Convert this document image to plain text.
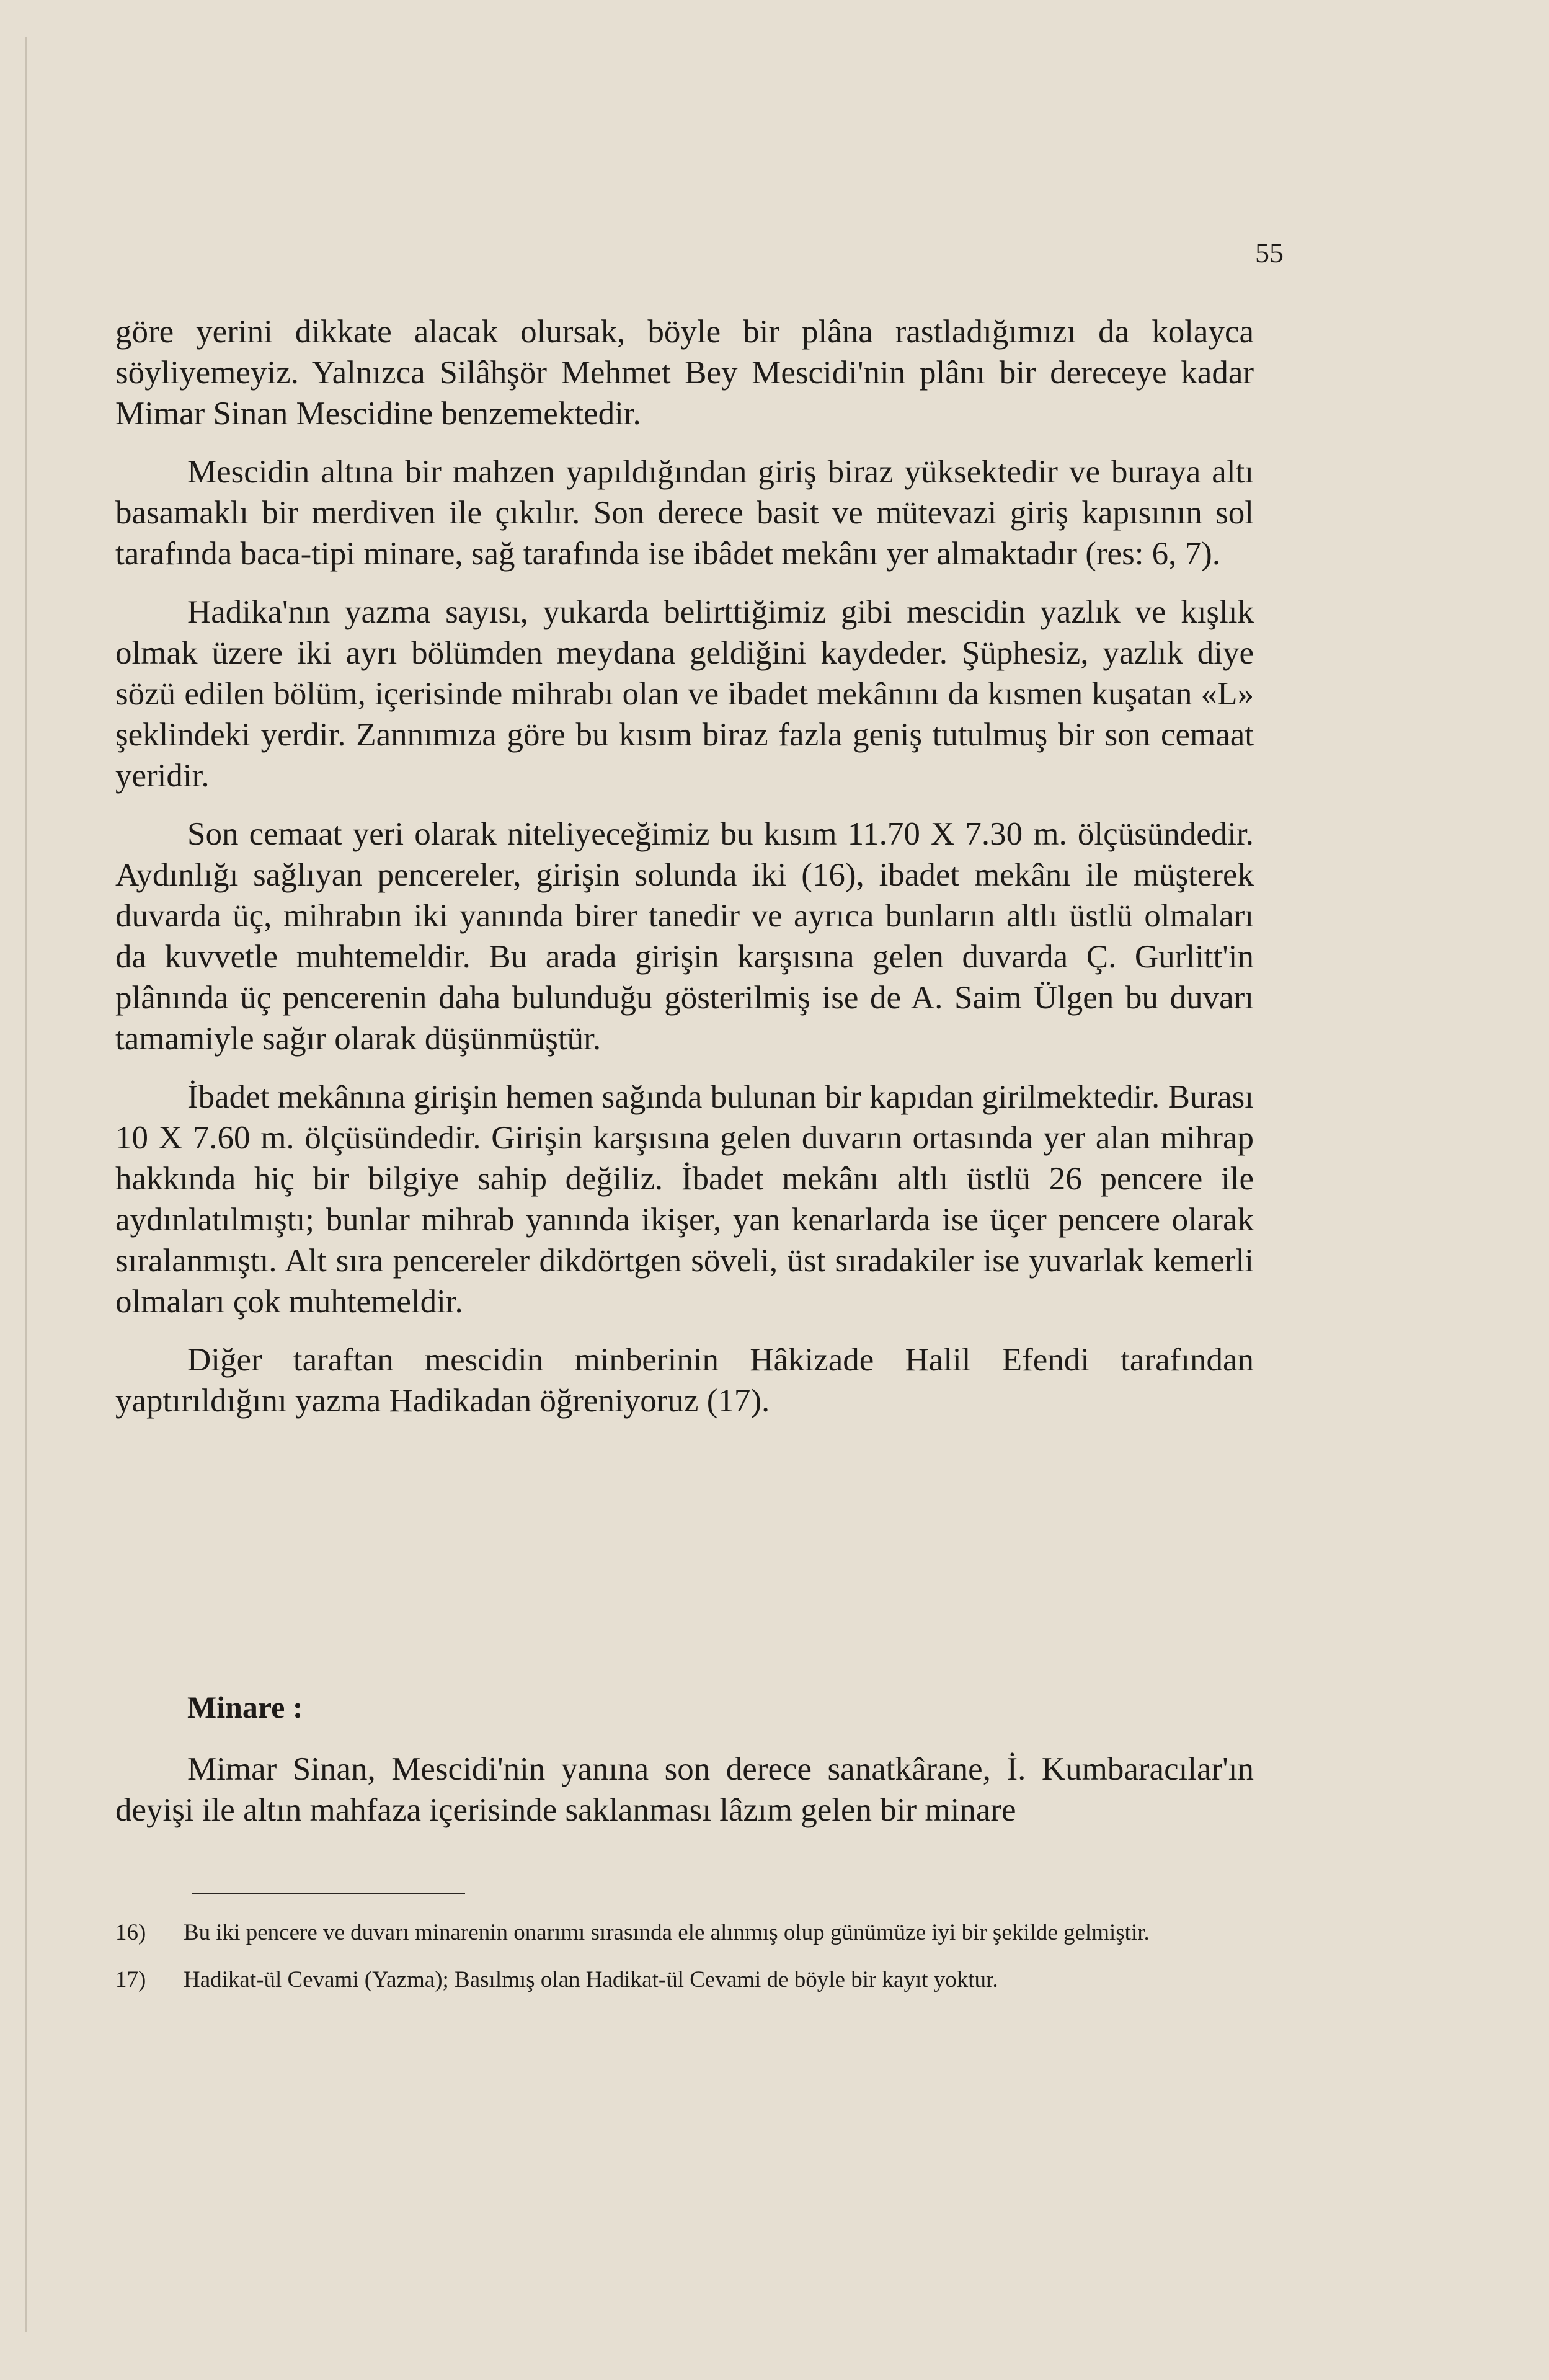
55

göre yerini dikkate alacak olursak, böyle bir plâna rastladığımızı da kolayca söyliyemeyiz. Yalnızca Silâhşör Mehmet Bey Mescidi'nin plânı bir dereceye kadar Mimar Sinan Mescidine benzemektedir.

Mescidin altına bir mahzen yapıldığından giriş biraz yüksektedir ve buraya altı basamaklı bir merdiven ile çıkılır. Son derece basit ve mütevazi giriş kapısının sol tarafında baca-tipi minare, sağ tarafında ise ibâdet mekânı yer almaktadır (res: 6, 7).

Hadika'nın yazma sayısı, yukarda belirttiğimiz gibi mescidin yazlık ve kışlık olmak üzere iki ayrı bölümden meydana geldiğini kaydeder. Şüphesiz, yazlık diye sözü edilen bölüm, içerisinde mihrabı olan ve ibadet mekânını da kısmen kuşatan «L» şeklindeki yerdir. Zannımıza göre bu kısım biraz fazla geniş tutulmuş bir son cemaat yeridir.

Son cemaat yeri olarak niteliyeceğimiz bu kısım 11.70 X 7.30 m. ölçüsündedir. Aydınlığı sağlıyan pencereler, girişin solunda iki (16), ibadet mekânı ile müşterek duvarda üç, mihrabın iki yanında birer tanedir ve ayrıca bunların altlı üstlü olmaları da kuvvetle muhtemeldir. Bu arada girişin karşısına gelen duvarda Ç. Gurlitt'in plânında üç pencerenin daha bulunduğu gösterilmiş ise de A. Saim Ülgen bu duvarı tamamiyle sağır olarak düşünmüştür.

İbadet mekânına girişin hemen sağında bulunan bir kapıdan girilmektedir. Burası 10 X 7.60 m. ölçüsündedir. Girişin karşısına gelen duvarın ortasında yer alan mihrap hakkında hiç bir bilgiye sahip değiliz. İbadet mekânı altlı üstlü 26 pencere ile aydınlatılmıştı; bunlar mihrab yanında ikişer, yan kenarlarda ise üçer pencere olarak sıralanmıştı. Alt sıra pencereler dikdörtgen söveli, üst sıradakiler ise yuvarlak kemerli olmaları çok muhtemeldir.

Diğer taraftan mescidin minberinin Hâkizade Halil Efendi tarafından yaptırıldığını yazma Hadikadan öğreniyoruz (17).

Minare :

Mimar Sinan, Mescidi'nin yanına son derece sanatkârane, İ. Kumbaracılar'ın deyişi ile altın mahfaza içerisinde saklanması lâzım gelen bir minare

16)	Bu iki pencere ve duvarı minarenin onarımı sırasında ele alınmış olup günümüze iyi bir şekilde gelmiştir.
17)	Hadikat-ül Cevami (Yazma); Basılmış olan Hadikat-ül Cevami de böyle bir kayıt yoktur.
